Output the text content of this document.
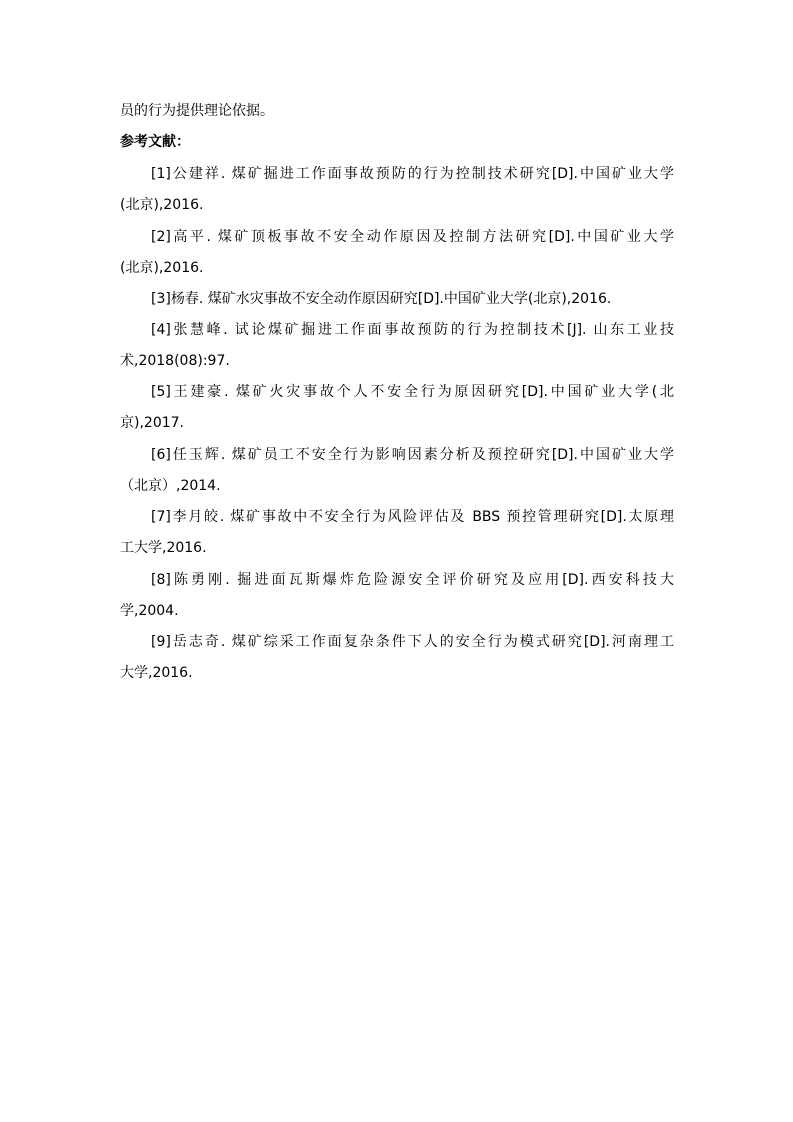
员的行为提供理论依据。
参考文献：
[1]公建祥. 煤矿掘进工作面事故预防的行为控制技术研究[D].中国矿业大学
(北京),2016.
[2]高平. 煤矿顶板事故不安全动作原因及控制方法研究[D].中国矿业大学
(北京),2016.
[3]杨春. 煤矿水灾事故不安全动作原因研究[D].中国矿业大学(北京),2016.
[4]张慧峰. 试论煤矿掘进工作面事故预防的行为控制技术[J]. 山东工业技
术,2018(08):97.
[5]王建豪. 煤矿火灾事故个人不安全行为原因研究[D].中国矿业大学(北
京),2017.
[6]任玉辉. 煤矿员工不安全行为影响因素分析及预控研究[D].中国矿业大学
（北京）,2014.
[7]李月皎. 煤矿事故中不安全行为风险评估及 BBS 预控管理研究[D].太原理
工大学,2016.
[8]陈勇刚. 掘进面瓦斯爆炸危险源安全评价研究及应用[D].西安科技大
学,2004.
[9]岳志奇. 煤矿综采工作面复杂条件下人的安全行为模式研究[D].河南理工
大学,2016.
